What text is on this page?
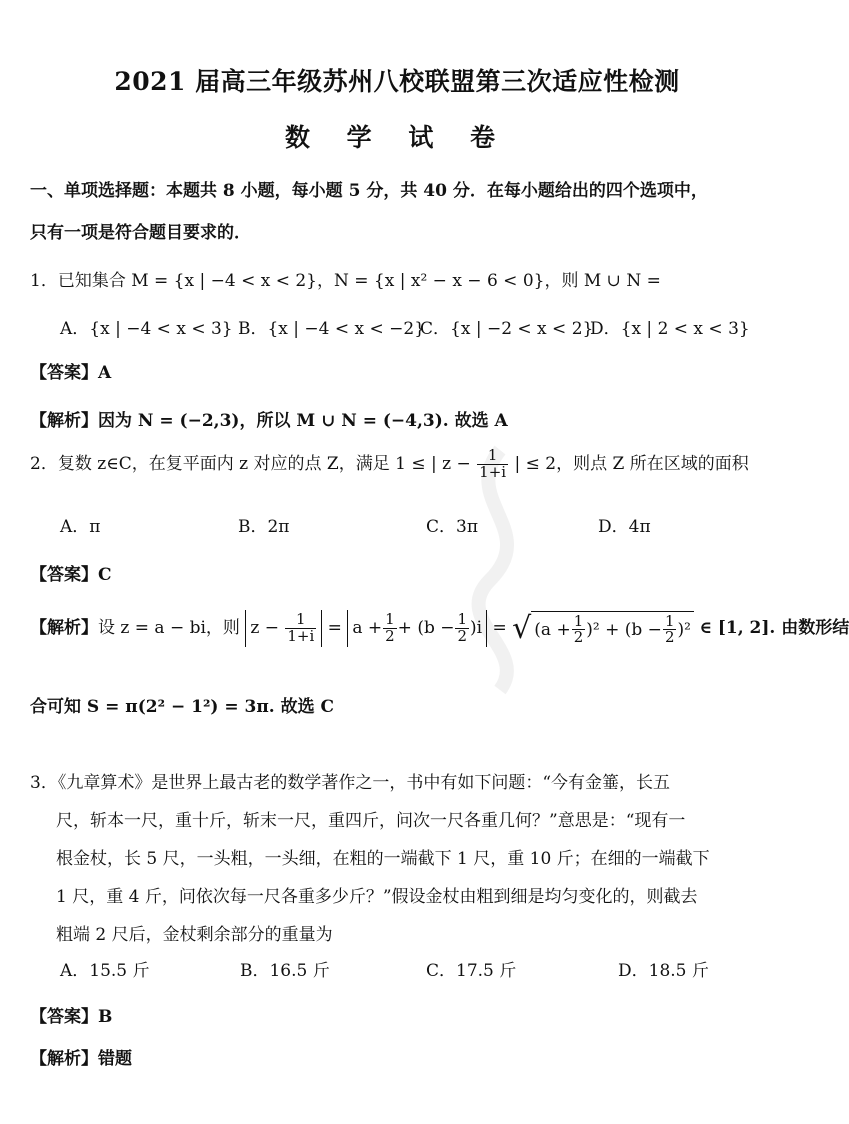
2021 届高三年级苏州八校联盟第三次适应性检测
数 学 试 卷
一、单项选择题：本题共 8 小题，每小题 5 分，共 40 分．在每小题给出的四个选项中，
只有一项是符合题目要求的．
1．已知集合 M = {x | −4 < x < 2}，N = {x | x² − x − 6 < 0}，则 M ∪ N =
A．{x | −4 < x < 3} B．{x | −4 < x < −2}
C．{x | −2 < x < 2}
D．{x | 2 < x < 3}
【答案】A
【解析】因为 N = (−2,3)，所以 M ∪ N = (−4,3). 故选 A
2．复数 z∈C，在复平面内 z 对应的点 Z，满足 1 ≤ | $z - \frac{1}{1+i}$ | ≤ 2，则点 Z 所在区域的面积
A．π	B．2π	C．3π	D．4π
【答案】C
【解析】设 z = a − bi，则 $z - \frac{1}{1+i} = a + \frac{1}{2} + (b - \frac{1}{2} )i$ = √ $(a + \frac{1}{2} )^2 + (b - \frac{1}{2} )^2$ ∈ [1, 2]. 由数形结
合可知 S = π(2² − 1²) = 3π. 故选 C
3．《九章算术》是世界上最古老的数学著作之一，书中有如下问题：“今有金箠，长五
尺，斩本一尺，重十斤，斩末一尺，重四斤，问次一尺各重几何？”意思是：“现有一
根金杖，长 5 尺，一头粗，一头细，在粗的一端截下 1 尺，重 10 斤；在细的一端截下
1 尺，重 4 斤，问依次每一尺各重多少斤？”假设金杖由粗到细是均匀变化的，则截去
粗端 2 尺后，金杖剩余部分的重量为
A．15.5 斤	B．16.5 斤	C．17.5 斤	D．18.5 斤
【答案】B
【解析】错题
